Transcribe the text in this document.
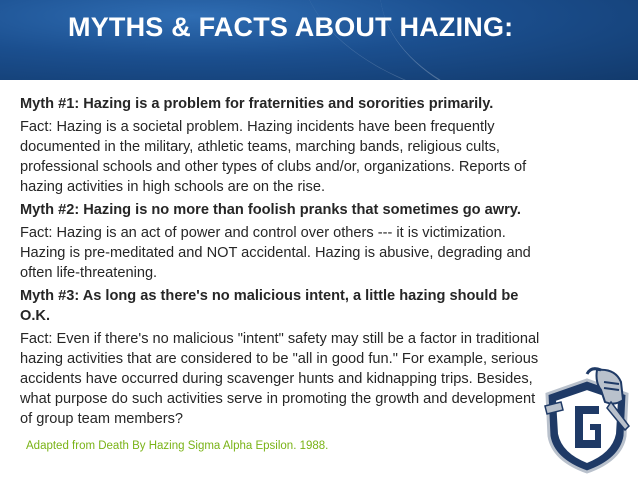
MYTHS & FACTS ABOUT HAZING:
Myth #1: Hazing is a problem for fraternities and sororities primarily.
Fact: Hazing is a societal problem. Hazing incidents have been frequently
documented in the military, athletic teams, marching bands, religious cults,
professional schools and other types of clubs and/or, organizations. Reports of
hazing activities in high schools are on the rise.
Myth #2: Hazing is no more than foolish pranks that sometimes go awry.
Fact: Hazing is an act of power and control over others --- it is victimization.
Hazing is pre-meditated and NOT accidental. Hazing is abusive, degrading and
often life-threatening.
Myth #3: As long as there's no malicious intent, a little hazing should be
O.K.
Fact: Even if there's no malicious "intent" safety may still be a factor in traditional
hazing activities that are considered to be "all in good fun." For example, serious
accidents have occurred during scavenger hunts and kidnapping trips. Besides,
what purpose do such activities serve in promoting the growth and development
of group team members?
Adapted from Death By Hazing Sigma Alpha Epsilon. 1988.
